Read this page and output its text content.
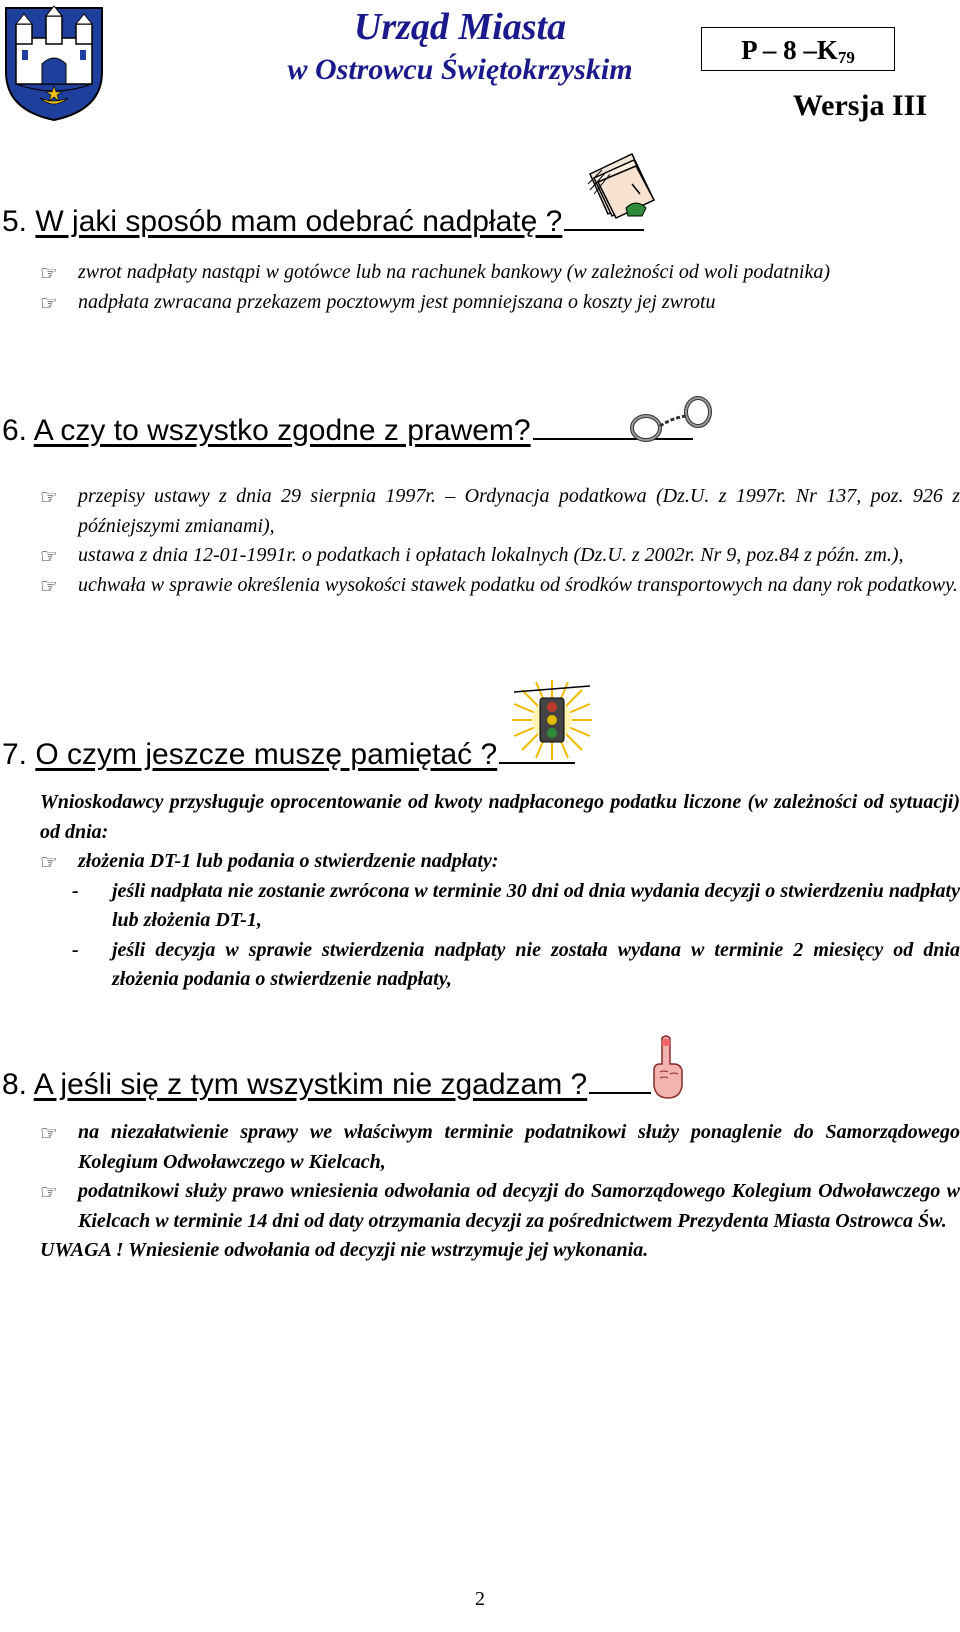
Urząd Miasta
w Ostrowcu Świętokrzyskim
P – 8 $-K_{79}$
Wersja III
5. W jaki sposób mam odebrać nadpłatę ?
☞ zwrot nadpłaty nastąpi w gotówce lub na rachunek bankowy (w zależności od woli podatnika)
☞ nadpłata zwracana przekazem pocztowym jest pomniejszana o koszty jej zwrotu
6. A czy to wszystko zgodne z prawem?
☞ przepisy ustawy z dnia 29 sierpnia 1997r. – Ordynacja podatkowa (Dz.U. z 1997r. Nr 137, poz. 926 z późniejszymi zmianami),
☞ ustawa z dnia 12-01-1991r. o podatkach i opłatach lokalnych (Dz.U. z 2002r. Nr 9, poz.84 z późn. zm.),
☞ uchwała w sprawie określenia wysokości stawek podatku od środków transportowych na dany rok podatkowy.
7. O czym jeszcze muszę pamiętać ?
Wnioskodawcy przysługuje oprocentowanie od kwoty nadpłaconego podatku liczone (w zależności od sytuacji) od dnia:
☞ złożenia DT-1 lub podania o stwierdzenie nadpłaty:
- jeśli nadpłata nie zostanie zwrócona w terminie 30 dni od dnia wydania decyzji o stwierdzeniu nadpłaty lub złożenia DT-1,
- jeśli decyzja w sprawie stwierdzenia nadpłaty nie została wydana w terminie 2 miesięcy od dnia złożenia podania o stwierdzenie nadpłaty,
8. A jeśli się z tym wszystkim nie zgadzam ?
☞ na niezałatwienie sprawy we właściwym terminie podatnikowi służy ponaglenie do Samorządowego Kolegium Odwoławczego w Kielcach,
☞ podatnikowi służy prawo wniesienia odwołania od decyzji do Samorządowego Kolegium Odwoławczego w Kielcach w terminie 14 dni od daty otrzymania decyzji za pośrednictwem Prezydenta Miasta Ostrowca Św.
UWAGA ! Wniesienie odwołania od decyzji nie wstrzymuje jej wykonania.
2
